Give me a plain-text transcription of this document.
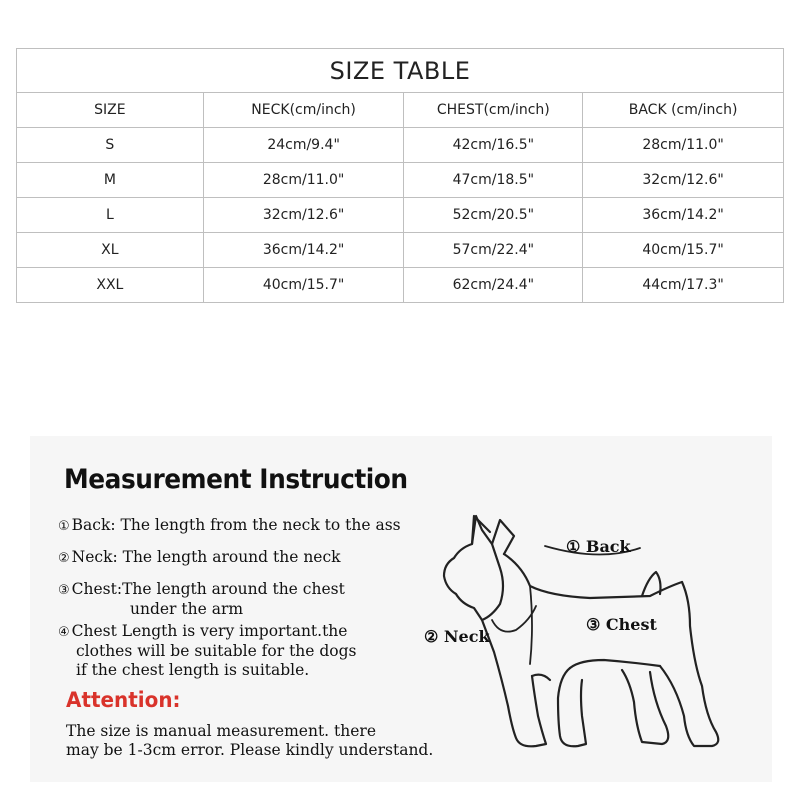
SIZE TABLE			
SIZE	NECK(cm/inch)	CHEST(cm/inch)	BACK (cm/inch)
S	24cm/9.4"	42cm/16.5"	28cm/11.0"
M	28cm/11.0"	47cm/18.5"	32cm/12.6"
L	32cm/12.6"	52cm/20.5"	36cm/14.2"
XL	36cm/14.2"	57cm/22.4"	40cm/15.7"
XXL	40cm/15.7"	62cm/24.4"	44cm/17.3"
① Back
② Neck
③ Chest
Measurement Instruction
① Back: The length from the neck to the ass
② Neck: The length around the neck
③ Chest:The length around the chest
under the arm
④ Chest Length is very important.the
clothes will be suitable for the dogs
if the chest length is suitable.
Attention:
The size is manual measurement. there
may be 1-3cm error. Please kindly understand.
